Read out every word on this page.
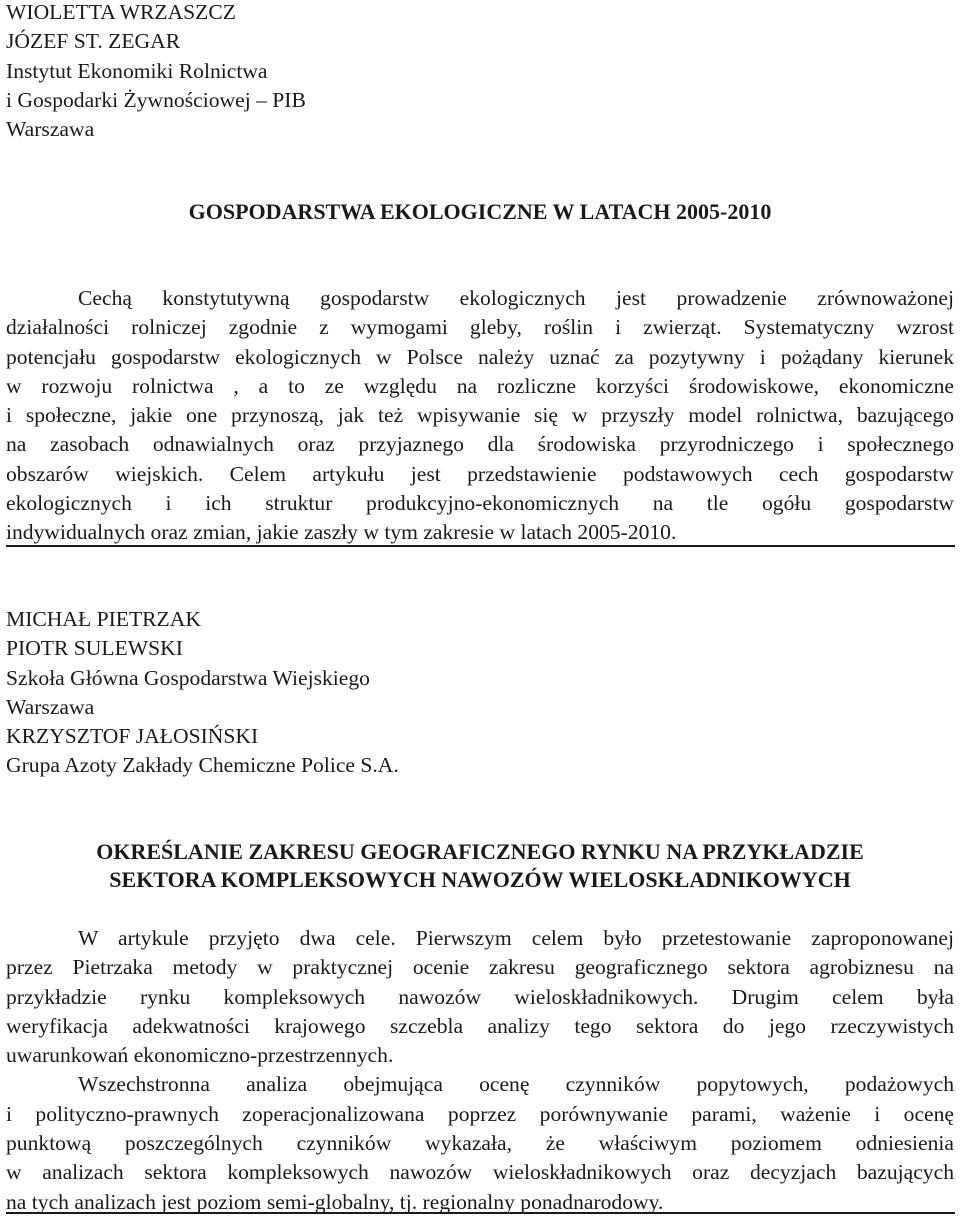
WIOLETTA WRZASZCZ
JÓZEF ST. ZEGAR
Instytut Ekonomiki Rolnictwa
i Gospodarki Żywnościowej – PIB
Warszawa
GOSPODARSTWA EKOLOGICZNE W LATACH 2005-2010
Cechą konstytutywną gospodarstw ekologicznych jest prowadzenie zrównoważonej
działalności rolniczej zgodnie z wymogami gleby, roślin i zwierząt. Systematyczny wzrost
potencjału gospodarstw ekologicznych w Polsce należy uznać za pozytywny i pożądany kierunek
w rozwoju rolnictwa , a to ze względu na rozliczne korzyści środowiskowe, ekonomiczne
i społeczne, jakie one przynoszą, jak też wpisywanie się w przyszły model rolnictwa, bazującego
na zasobach odnawialnych oraz przyjaznego dla środowiska przyrodniczego i społecznego
obszarów wiejskich. Celem artykułu jest przedstawienie podstawowych cech gospodarstw
ekologicznych i ich struktur produkcyjno-ekonomicznych na tle ogółu gospodarstw
indywidualnych oraz zmian, jakie zaszły w tym zakresie w latach 2005-2010.
MICHAŁ PIETRZAK
PIOTR SULEWSKI
Szkoła Główna Gospodarstwa Wiejskiego
Warszawa
KRZYSZTOF JAŁOSIŃSKI
Grupa Azoty Zakłady Chemiczne Police S.A.
OKREŚLANIE ZAKRESU GEOGRAFICZNEGO RYNKU NA PRZYKŁADZIE
SEKTORA KOMPLEKSOWYCH NAWOZÓW WIELOSKŁADNIKOWYCH
W artykule przyjęto dwa cele. Pierwszym celem było przetestowanie zaproponowanej
przez Pietrzaka metody w praktycznej ocenie zakresu geograficznego sektora agrobiznesu na
przykładzie rynku kompleksowych nawozów wieloskładnikowych. Drugim celem była
weryfikacja adekwatności krajowego szczebla analizy tego sektora do jego rzeczywistych
uwarunkowań ekonomiczno-przestrzennych.
Wszechstronna analiza obejmująca ocenę czynników popytowych, podażowych
i polityczno-prawnych zoperacjonalizowana poprzez porównywanie parami, ważenie i ocenę
punktową poszczególnych czynników wykazała, że właściwym poziomem odniesienia
w analizach sektora kompleksowych nawozów wieloskładnikowych oraz decyzjach bazujących
na tych analizach jest poziom semi-globalny, tj. regionalny ponadnarodowy.
